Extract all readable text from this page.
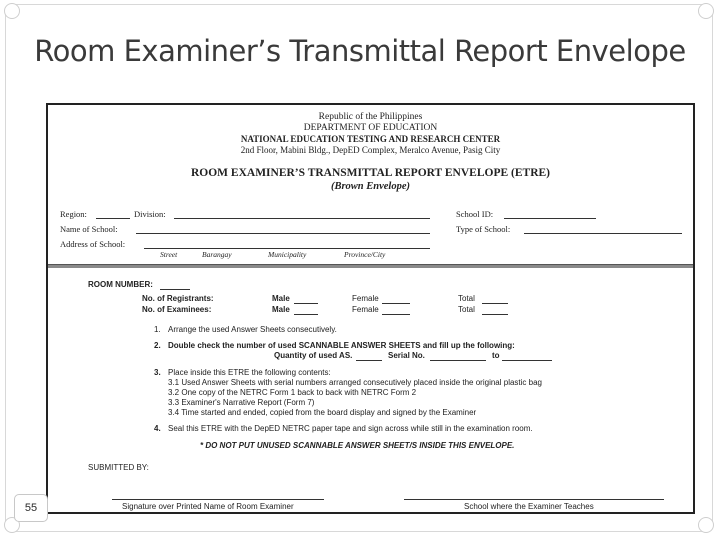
Room Examiner’s Transmittal Report Envelope
Republic of the Philippines
DEPARTMENT OF EDUCATION
NATIONAL EDUCATION TESTING AND RESEARCH CENTER
2nd Floor, Mabini Bldg., DepED Complex, Meralco Avenue, Pasig City
ROOM EXAMINER’S TRANSMITTAL REPORT ENVELOPE (ETRE)
(Brown Envelope)
Region:	Division:	School ID:
Name of School:	Type of School:
Address of School:
Street	Barangay	Municipality	Province/City
ROOM NUMBER:
No. of Registrants:	Male	Female	Total
No. of Examinees:	Male	Female	Total
1. Arrange the used Answer Sheets consecutively.
2. Double check the number of used SCANNABLE ANSWER SHEETS and fill up the following:
Quantity of used AS.	Serial No.	to
3. Place inside this ETRE the following contents:
3.1 Used Answer Sheets with serial numbers arranged consecutively placed inside the original plastic bag
3.2 One copy of the NETRC Form 1 back to back with NETRC Form 2
3.3 Examiner's Narrative Report (Form 7)
3.4 Time started and ended, copied from the board display and signed by the Examiner
4. Seal this ETRE with the DepED NETRC paper tape and sign across while still in the examination room.
* DO NOT PUT UNUSED SCANNABLE ANSWER SHEET/S INSIDE THIS ENVELOPE.
SUBMITTED BY:
Signature over Printed Name of Room Examiner	School where the Examiner Teaches
55
